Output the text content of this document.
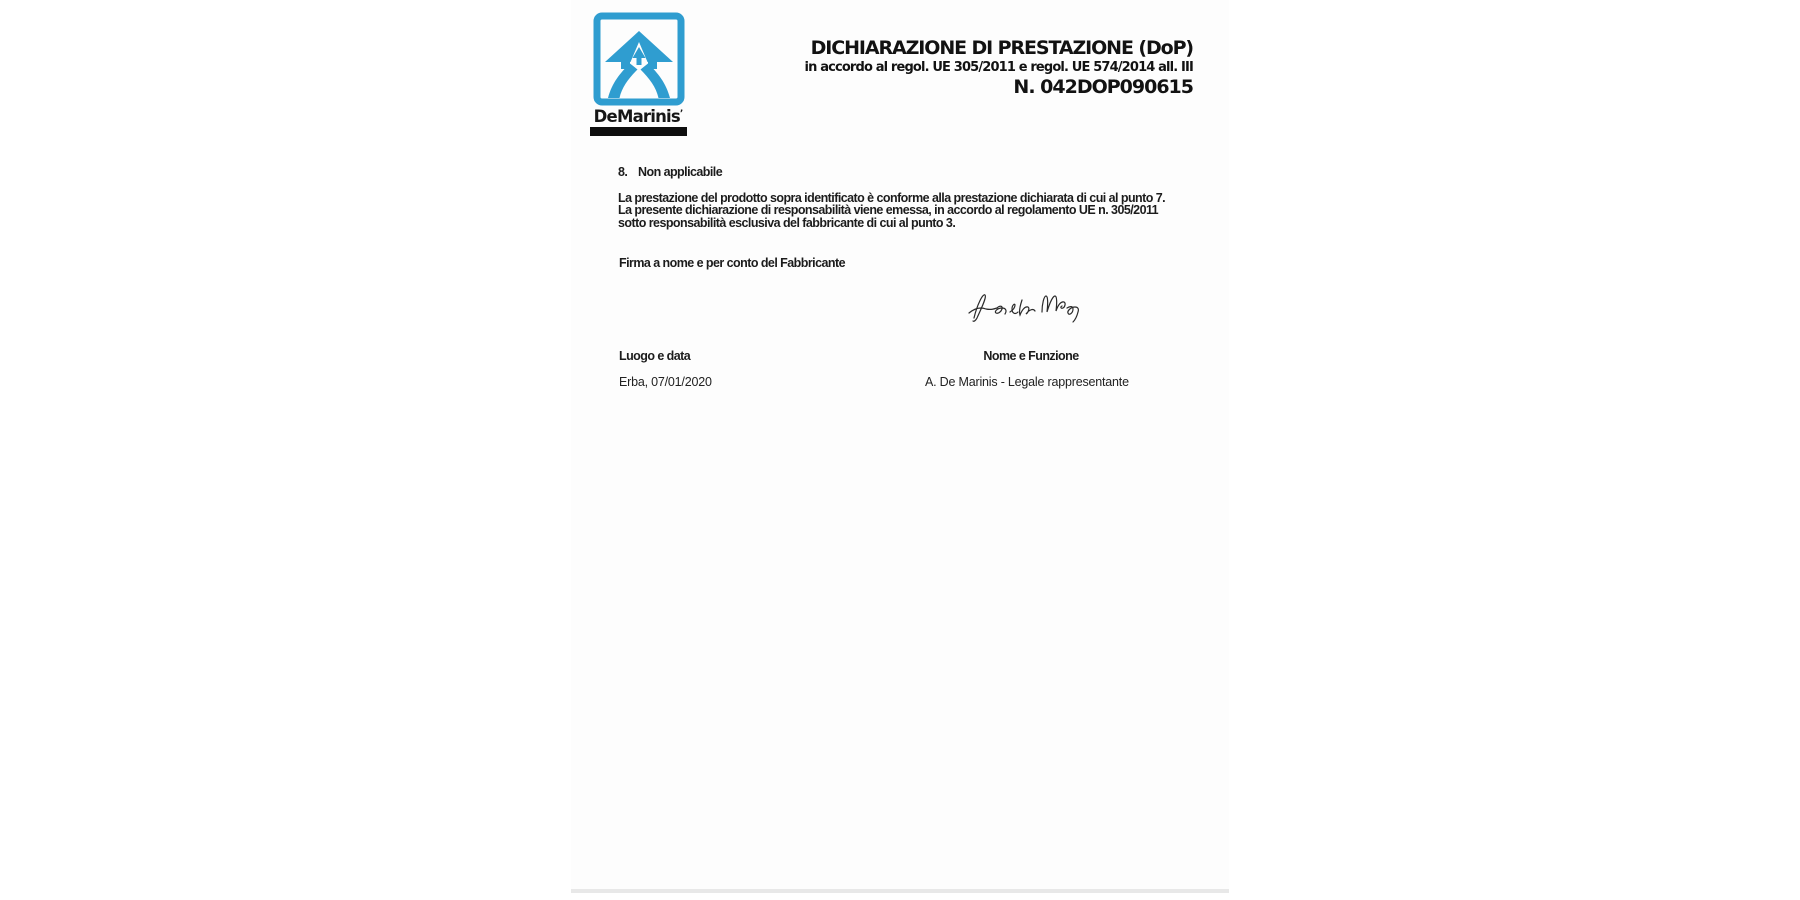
DeMarinis’
DICHIARAZIONE DI PRESTAZIONE (DoP)
in accordo al regol. UE 305/2011 e regol. UE 574/2014 all. III
N. 042DOP090615
8. Non applicabile
La prestazione del prodotto sopra identificato è conforme alla prestazione dichiarata di cui al punto 7.
La presente dichiarazione di responsabilità viene emessa, in accordo al regolamento UE n. 305/2011
sotto responsabilità esclusiva del fabbricante di cui al punto 3.
Firma a nome e per conto del Fabbricante
Luogo e data	Nome e Funzione
Erba, 07/01/2020	A. De Marinis - Legale rappresentante
